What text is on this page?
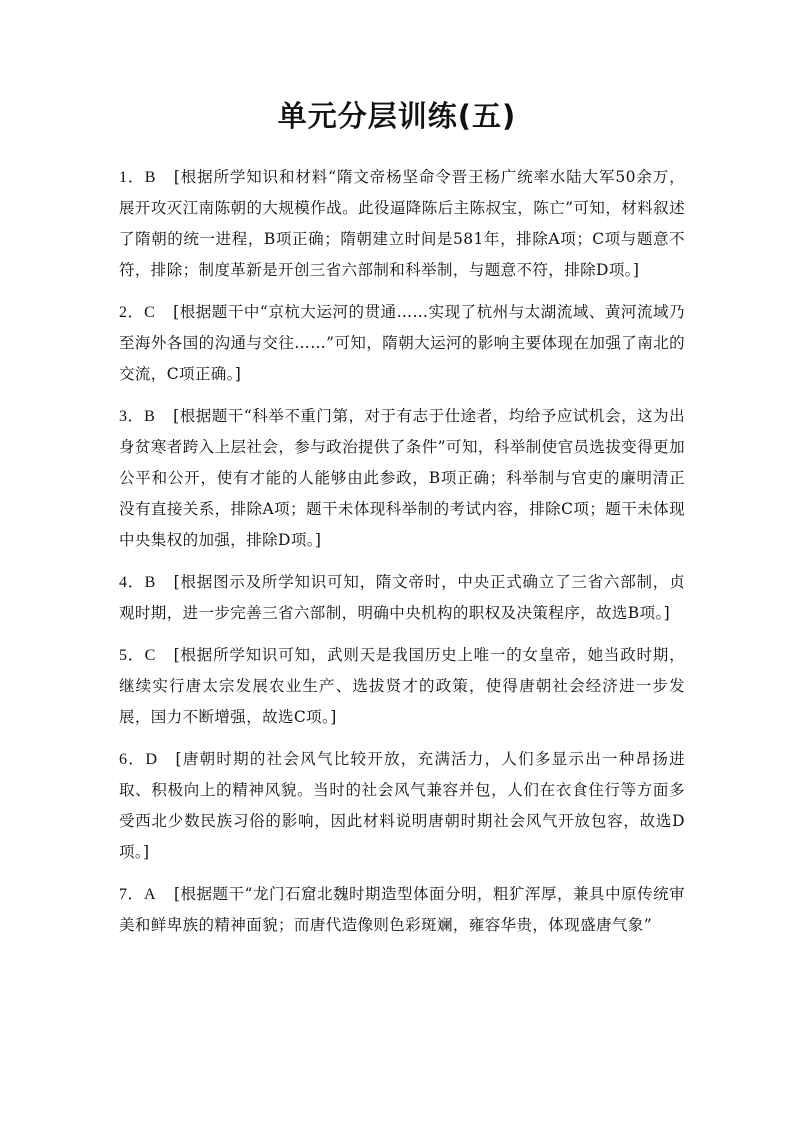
单元分层训练(五)

1．B [根据所学知识和材料“隋文帝杨坚命令晋王杨广统率水陆大军50余万，展开攻灭江南陈朝的大规模作战。此役逼降陈后主陈叔宝，陈亡”可知，材料叙述了隋朝的统一进程，B项正确；隋朝建立时间是581年，排除A项；C项与题意不符，排除；制度革新是开创三省六部制和科举制，与题意不符，排除D项。]

2．C [根据题干中“京杭大运河的贯通……实现了杭州与太湖流域、黄河流域乃至海外各国的沟通与交往……”可知，隋朝大运河的影响主要体现在加强了南北的交流，C项正确。]

3．B [根据题干“科举不重门第，对于有志于仕途者，均给予应试机会，这为出身贫寒者跨入上层社会，参与政治提供了条件”可知，科举制使官员选拔变得更加公平和公开，使有才能的人能够由此参政，B项正确；科举制与官吏的廉明清正没有直接关系，排除A项；题干未体现科举制的考试内容，排除C项；题干未体现中央集权的加强，排除D项。]

4．B [根据图示及所学知识可知，隋文帝时，中央正式确立了三省六部制，贞观时期，进一步完善三省六部制，明确中央机构的职权及决策程序，故选B项。]

5．C [根据所学知识可知，武则天是我国历史上唯一的女皇帝，她当政时期，继续实行唐太宗发展农业生产、选拔贤才的政策，使得唐朝社会经济进一步发展，国力不断增强，故选C项。]

6．D [唐朝时期的社会风气比较开放，充满活力，人们多显示出一种昂扬进取、积极向上的精神风貌。当时的社会风气兼容并包，人们在衣食住行等方面多受西北少数民族习俗的影响，因此材料说明唐朝时期社会风气开放包容，故选D项。]

7．A [根据题干“龙门石窟北魏时期造型体面分明，粗犷浑厚，兼具中原传统审美和鲜卑族的精神面貌；而唐代造像则色彩斑斓，雍容华贵，体现盛唐气象”
